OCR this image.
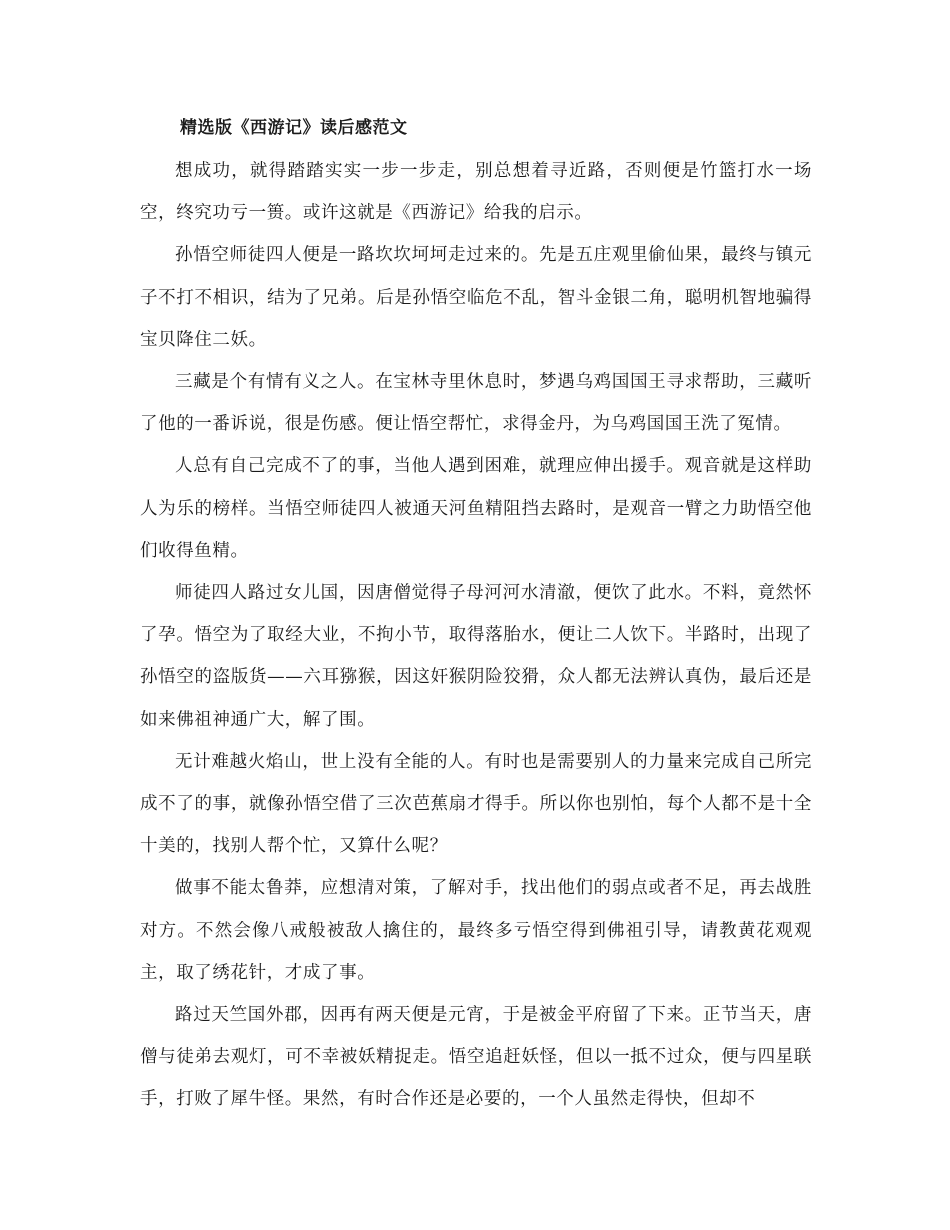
精选版《西游记》读后感范文

想成功，就得踏踏实实一步一步走，别总想着寻近路，否则便是竹篮打水一场空，终究功亏一篑。或许这就是《西游记》给我的启示。

孙悟空师徒四人便是一路坎坎坷坷走过来的。先是五庄观里偷仙果，最终与镇元子不打不相识，结为了兄弟。后是孙悟空临危不乱，智斗金银二角，聪明机智地骗得宝贝降住二妖。

三藏是个有情有义之人。在宝林寺里休息时，梦遇乌鸡国国王寻求帮助，三藏听了他的一番诉说，很是伤感。便让悟空帮忙，求得金丹，为乌鸡国国王洗了冤情。

人总有自己完成不了的事，当他人遇到困难，就理应伸出援手。观音就是这样助人为乐的榜样。当悟空师徒四人被通天河鱼精阻挡去路时，是观音一臂之力助悟空他们收得鱼精。

师徒四人路过女儿国，因唐僧觉得子母河河水清澈，便饮了此水。不料，竟然怀了孕。悟空为了取经大业，不拘小节，取得落胎水，便让二人饮下。半路时，出现了孙悟空的盗版货——六耳猕猴，因这奸猴阴险狡猾，众人都无法辨认真伪，最后还是如来佛祖神通广大，解了围。

无计难越火焰山，世上没有全能的人。有时也是需要别人的力量来完成自己所完成不了的事，就像孙悟空借了三次芭蕉扇才得手。所以你也别怕，每个人都不是十全十美的，找别人帮个忙，又算什么呢？

做事不能太鲁莽，应想清对策，了解对手，找出他们的弱点或者不足，再去战胜对方。不然会像八戒般被敌人擒住的，最终多亏悟空得到佛祖引导，请教黄花观观主，取了绣花针，才成了事。

路过天竺国外郡，因再有两天便是元宵，于是被金平府留了下来。正节当天，唐僧与徒弟去观灯，可不幸被妖精捉走。悟空追赶妖怪，但以一抵不过众，便与四星联手，打败了犀牛怪。果然，有时合作还是必要的，一个人虽然走得快，但却不
